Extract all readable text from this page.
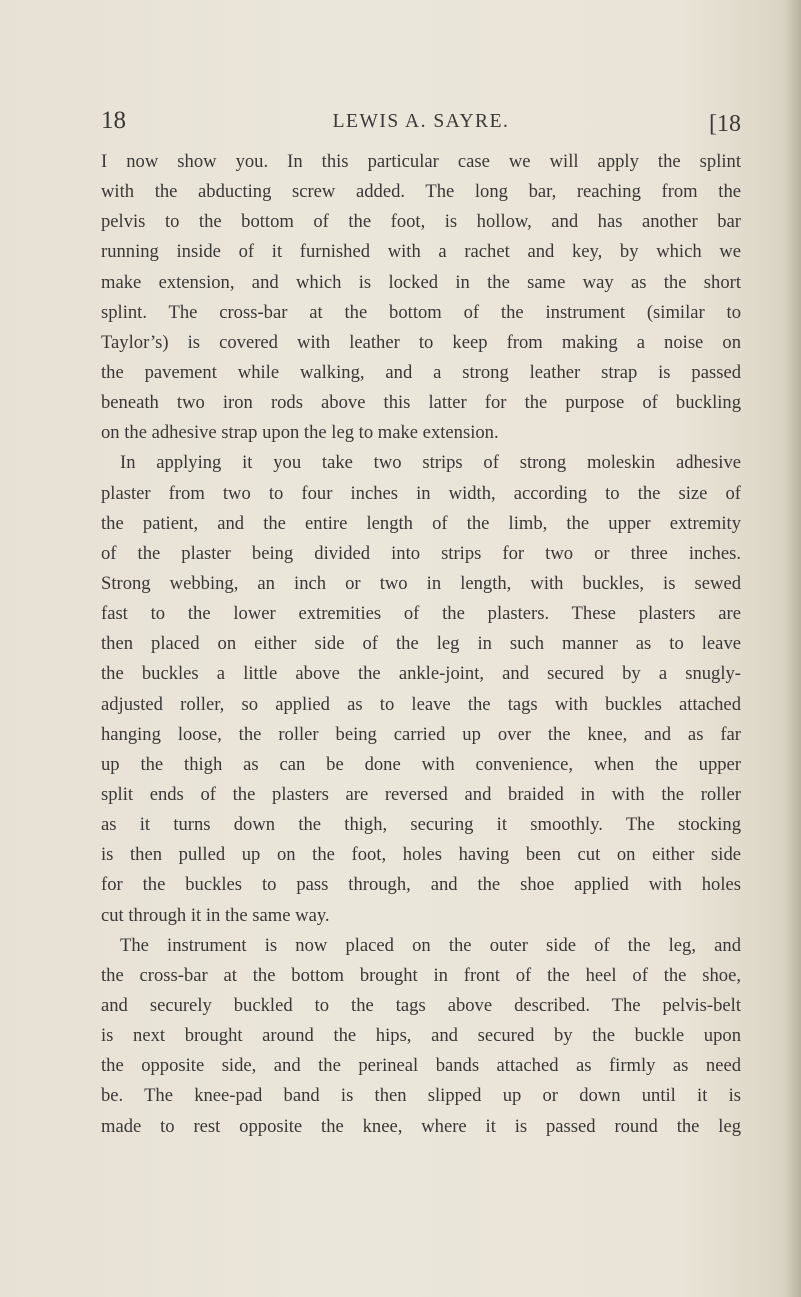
18	LEWIS A. SAYRE.	[18
I now show you. In this particular case we will apply the splint
with the abducting screw added. The long bar, reaching from the
pelvis to the bottom of the foot, is hollow, and has another bar
running inside of it furnished with a rachet and key, by which we
make extension, and which is locked in the same way as the short
splint. The cross-bar at the bottom of the instrument (similar to
Taylor’s) is covered with leather to keep from making a noise on
the pavement while walking, and a strong leather strap is passed
beneath two iron rods above this latter for the purpose of buckling
on the adhesive strap upon the leg to make extension.
In applying it you take two strips of strong moleskin adhesive
plaster from two to four inches in width, according to the size of
the patient, and the entire length of the limb, the upper extremity
of the plaster being divided into strips for two or three inches.
Strong webbing, an inch or two in length, with buckles, is sewed
fast to the lower extremities of the plasters. These plasters are
then placed on either side of the leg in such manner as to leave
the buckles a little above the ankle-joint, and secured by a snugly-
adjusted roller, so applied as to leave the tags with buckles attached
hanging loose, the roller being carried up over the knee, and as far
up the thigh as can be done with convenience, when the upper
split ends of the plasters are reversed and braided in with the roller
as it turns down the thigh, securing it smoothly. The stocking
is then pulled up on the foot, holes having been cut on either side
for the buckles to pass through, and the shoe applied with holes
cut through it in the same way.
The instrument is now placed on the outer side of the leg, and
the cross-bar at the bottom brought in front of the heel of the shoe,
and securely buckled to the tags above described. The pelvis-belt
is next brought around the hips, and secured by the buckle upon
the opposite side, and the perineal bands attached as firmly as need
be. The knee-pad band is then slipped up or down until it is
made to rest opposite the knee, where it is passed round the leg
